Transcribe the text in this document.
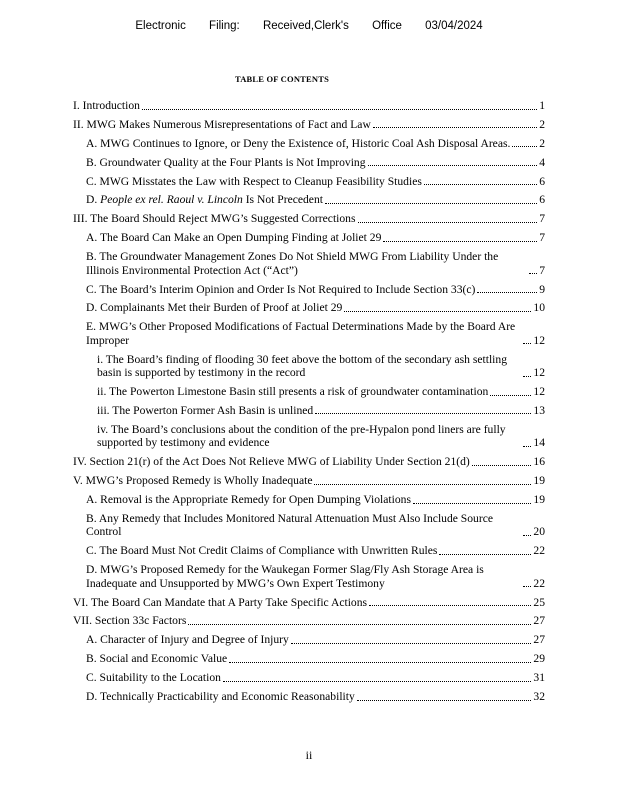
Electronic Filing: Received,Clerk's Office 03/04/2024
TABLE OF CONTENTS
I. Introduction	1
II. MWG Makes Numerous Misrepresentations of Fact and Law	2
A. MWG Continues to Ignore, or Deny the Existence of, Historic Coal Ash Disposal Areas. 2
B. Groundwater Quality at the Four Plants is Not Improving	4
C. MWG Misstates the Law with Respect to Cleanup Feasibility Studies	6
D. People ex rel. Raoul v. Lincoln Is Not Precedent	6
III. The Board Should Reject MWG’s Suggested Corrections	7
A. The Board Can Make an Open Dumping Finding at Joliet 29	7
B. The Groundwater Management Zones Do Not Shield MWG From Liability Under the Illinois Environmental Protection Act (“Act”)	7
C. The Board’s Interim Opinion and Order Is Not Required to Include Section 33(c)	9
D. Complainants Met their Burden of Proof at Joliet 29	10
E. MWG’s Other Proposed Modifications of Factual Determinations Made by the Board Are Improper	12
i. The Board’s finding of flooding 30 feet above the bottom of the secondary ash settling basin is supported by testimony in the record	12
ii. The Powerton Limestone Basin still presents a risk of groundwater contamination	12
iii. The Powerton Former Ash Basin is unlined	13
iv. The Board’s conclusions about the condition of the pre-Hypalon pond liners are fully supported by testimony and evidence	14
IV. Section 21(r) of the Act Does Not Relieve MWG of Liability Under Section 21(d)	16
V. MWG’s Proposed Remedy is Wholly Inadequate	19
A. Removal is the Appropriate Remedy for Open Dumping Violations	19
B. Any Remedy that Includes Monitored Natural Attenuation Must Also Include Source Control	20
C. The Board Must Not Credit Claims of Compliance with Unwritten Rules	22
D. MWG’s Proposed Remedy for the Waukegan Former Slag/Fly Ash Storage Area is Inadequate and Unsupported by MWG’s Own Expert Testimony	22
VI. The Board Can Mandate that A Party Take Specific Actions	25
VII. Section 33c Factors	27
A. Character of Injury and Degree of Injury	27
B. Social and Economic Value	29
C. Suitability to the Location	31
D. Technically Practicability and Economic Reasonability	32
ii
